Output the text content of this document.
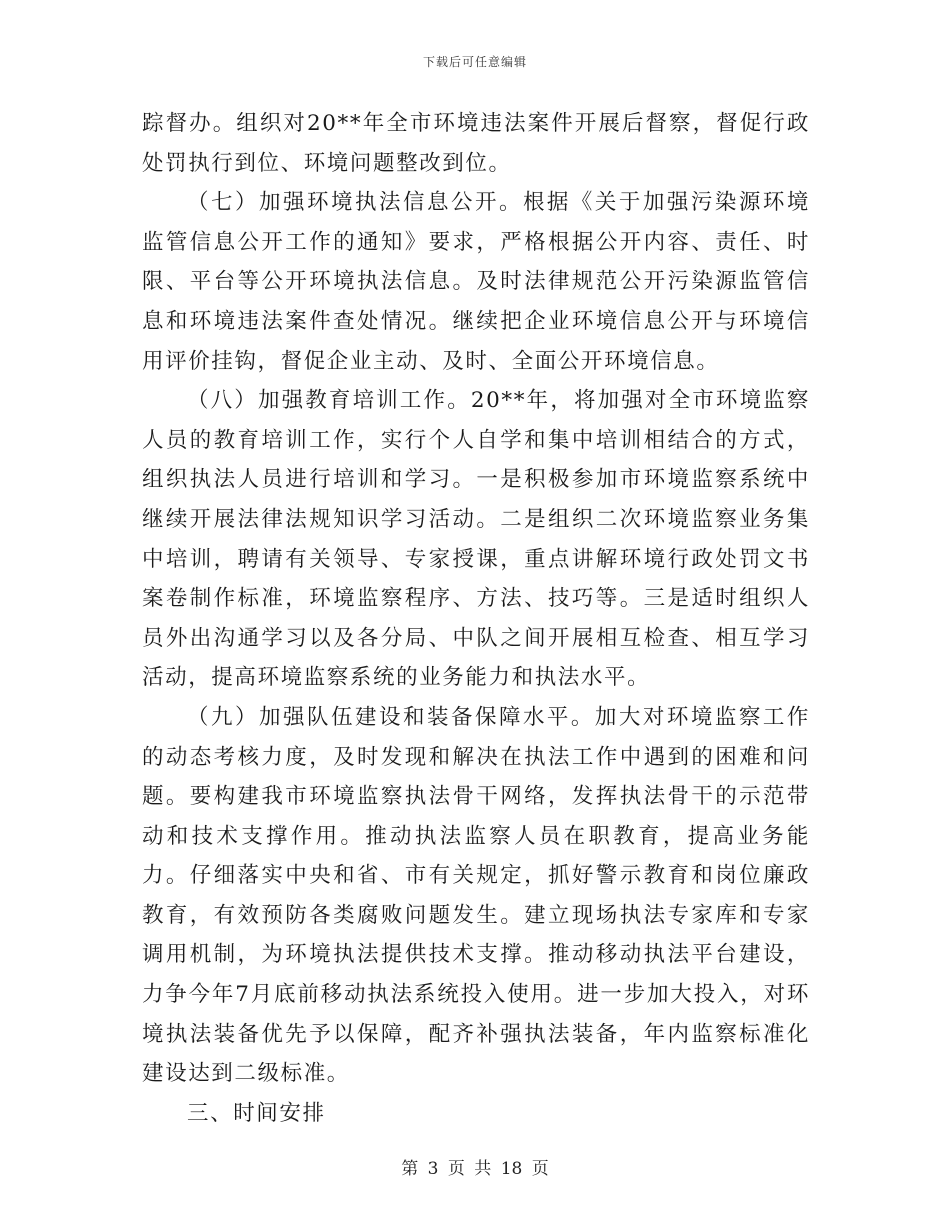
下载后可任意编辑

踪督办。组织对20**年全市环境违法案件开展后督察，督促行政处罚执行到位、环境问题整改到位。

（七）加强环境执法信息公开。根据《关于加强污染源环境监管信息公开工作的通知》要求，严格根据公开内容、责任、时限、平台等公开环境执法信息。及时法律规范公开污染源监管信息和环境违法案件查处情况。继续把企业环境信息公开与环境信用评价挂钩，督促企业主动、及时、全面公开环境信息。

（八）加强教育培训工作。20**年，将加强对全市环境监察人员的教育培训工作，实行个人自学和集中培训相结合的方式，组织执法人员进行培训和学习。一是积极参加市环境监察系统中继续开展法律法规知识学习活动。二是组织二次环境监察业务集中培训，聘请有关领导、专家授课，重点讲解环境行政处罚文书案卷制作标准，环境监察程序、方法、技巧等。三是适时组织人员外出沟通学习以及各分局、中队之间开展相互检查、相互学习活动，提高环境监察系统的业务能力和执法水平。

（九）加强队伍建设和装备保障水平。加大对环境监察工作的动态考核力度，及时发现和解决在执法工作中遇到的困难和问题。要构建我市环境监察执法骨干网络，发挥执法骨干的示范带动和技术支撑作用。推动执法监察人员在职教育，提高业务能力。仔细落实中央和省、市有关规定，抓好警示教育和岗位廉政教育，有效预防各类腐败问题发生。建立现场执法专家库和专家调用机制，为环境执法提供技术支撑。推动移动执法平台建设，力争今年7月底前移动执法系统投入使用。进一步加大投入，对环境执法装备优先予以保障，配齐补强执法装备，年内监察标准化建设达到二级标准。

三、时间安排

第 3 页 共 18 页
